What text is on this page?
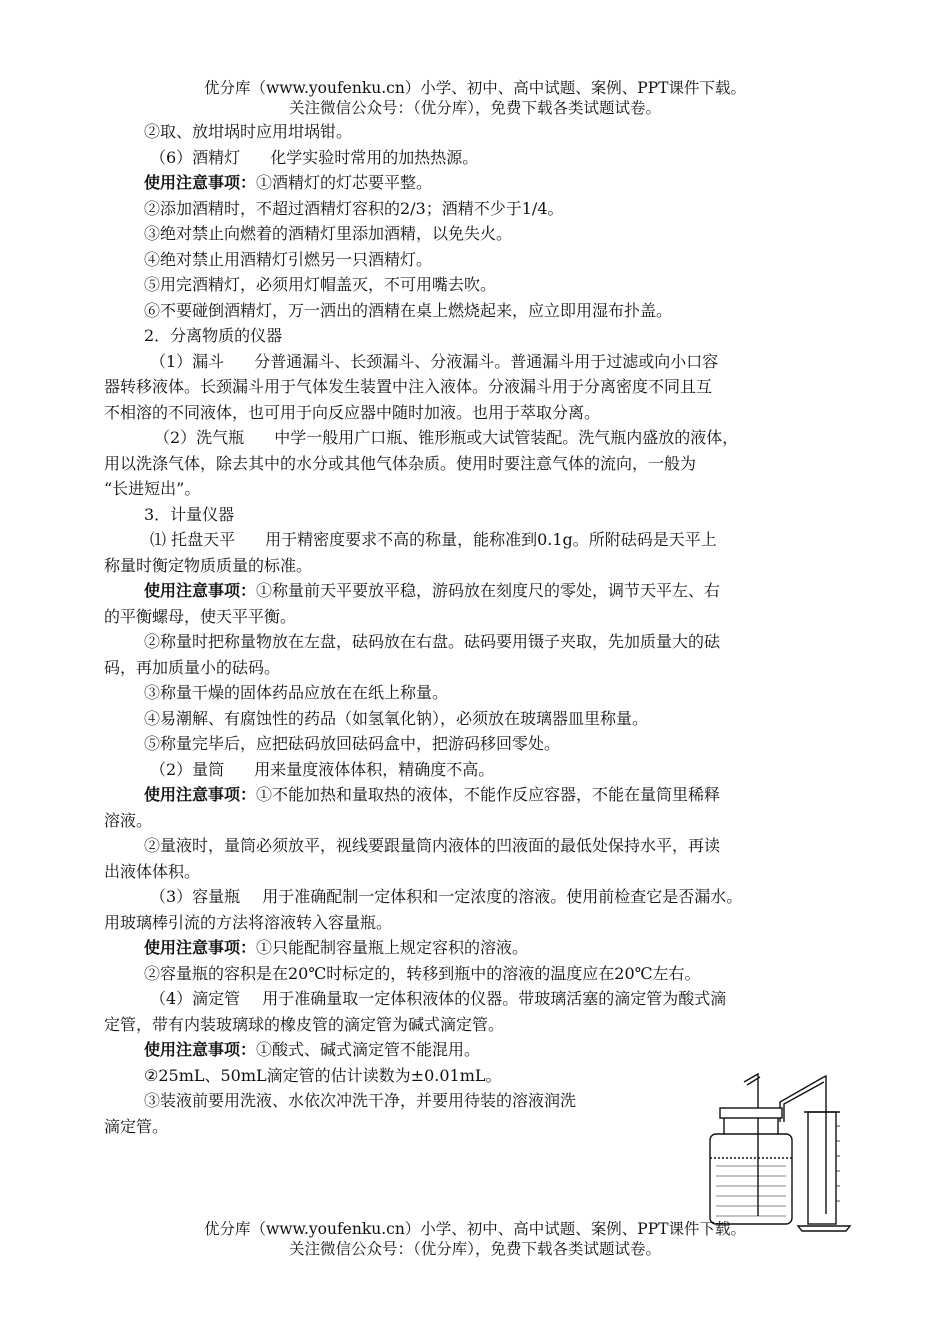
优分库（www.youfenku.cn）小学、初中、高中试题、案例、PPT课件下载。
关注微信公众号：（优分库），免费下载各类试题试卷。
②取、放坩埚时应用坩埚钳。
（6）酒精灯 化学实验时常用的加热热源。
使用注意事项：①酒精灯的灯芯要平整。
②添加酒精时，不超过酒精灯容积的2/3；酒精不少于1/4。
③绝对禁止向燃着的酒精灯里添加酒精，以免失火。
④绝对禁止用酒精灯引燃另一只酒精灯。
⑤用完酒精灯，必须用灯帽盖灭，不可用嘴去吹。
⑥不要碰倒酒精灯，万一洒出的酒精在桌上燃烧起来，应立即用湿布扑盖。
2．分离物质的仪器
（1）漏斗 分普通漏斗、长颈漏斗、分液漏斗。普通漏斗用于过滤或向小口容
器转移液体。长颈漏斗用于气体发生装置中注入液体。分液漏斗用于分离密度不同且互
不相溶的不同液体，也可用于向反应器中随时加液。也用于萃取分离。
（2）洗气瓶 中学一般用广口瓶、锥形瓶或大试管装配。洗气瓶内盛放的液体，
用以洗涤气体，除去其中的水分或其他气体杂质。使用时要注意气体的流向，一般为
“长进短出”。
3．计量仪器
⑴ 托盘天平 用于精密度要求不高的称量，能称准到0.1g。所附砝码是天平上
称量时衡定物质质量的标准。
使用注意事项：①称量前天平要放平稳，游码放在刻度尺的零处，调节天平左、右
的平衡螺母，使天平平衡。
②称量时把称量物放在左盘，砝码放在右盘。砝码要用镊子夹取，先加质量大的砝
码，再加质量小的砝码。
③称量干燥的固体药品应放在在纸上称量。
④易潮解、有腐蚀性的药品（如氢氧化钠），必须放在玻璃器皿里称量。
⑤称量完毕后，应把砝码放回砝码盒中，把游码移回零处。
（2）量筒 用来量度液体体积，精确度不高。
使用注意事项：①不能加热和量取热的液体，不能作反应容器，不能在量筒里稀释
溶液。
②量液时，量筒必须放平，视线要跟量筒内液体的凹液面的最低处保持水平，再读
出液体体积。
（3）容量瓶 用于准确配制一定体积和一定浓度的溶液。使用前检查它是否漏水。
用玻璃棒引流的方法将溶液转入容量瓶。
使用注意事项：①只能配制容量瓶上规定容积的溶液。
②容量瓶的容积是在20℃时标定的，转移到瓶中的溶液的温度应在20℃左右。
（4）滴定管 用于准确量取一定体积液体的仪器。带玻璃活塞的滴定管为酸式滴
定管，带有内装玻璃球的橡皮管的滴定管为碱式滴定管。
使用注意事项：①酸式、碱式滴定管不能混用。
②25mL、50mL滴定管的估计读数为±0.01mL。
③装液前要用洗液、水依次冲洗干净，并要用待装的溶液润洗
滴定管。
优分库（www.youfenku.cn）小学、初中、高中试题、案例、PPT课件下载。
关注微信公众号：（优分库），免费下载各类试题试卷。
